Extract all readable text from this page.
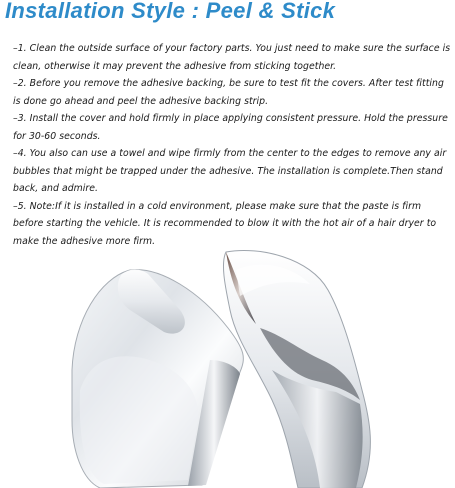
Installation Style : Peel & Stick
–1. Clean the outside surface of your factory parts. You just need to make sure the surface is clean, otherwise it may prevent the adhesive from sticking together.
–2. Before you remove the adhesive backing, be sure to test fit the covers. After test fitting is done go ahead and peel the adhesive backing strip.
–3. Install the cover and hold firmly in place applying consistent pressure. Hold the pressure for 30-60 seconds.
–4. You also can use a towel and wipe firmly from the center to the edges to remove any air bubbles that might be trapped under the adhesive. The installation is complete.Then stand back, and admire.
–5. Note:If it is installed in a cold environment, please make sure that the paste is firm before starting the vehicle. It is recommended to blow it with the hot air of a hair dryer to make the adhesive more firm.
